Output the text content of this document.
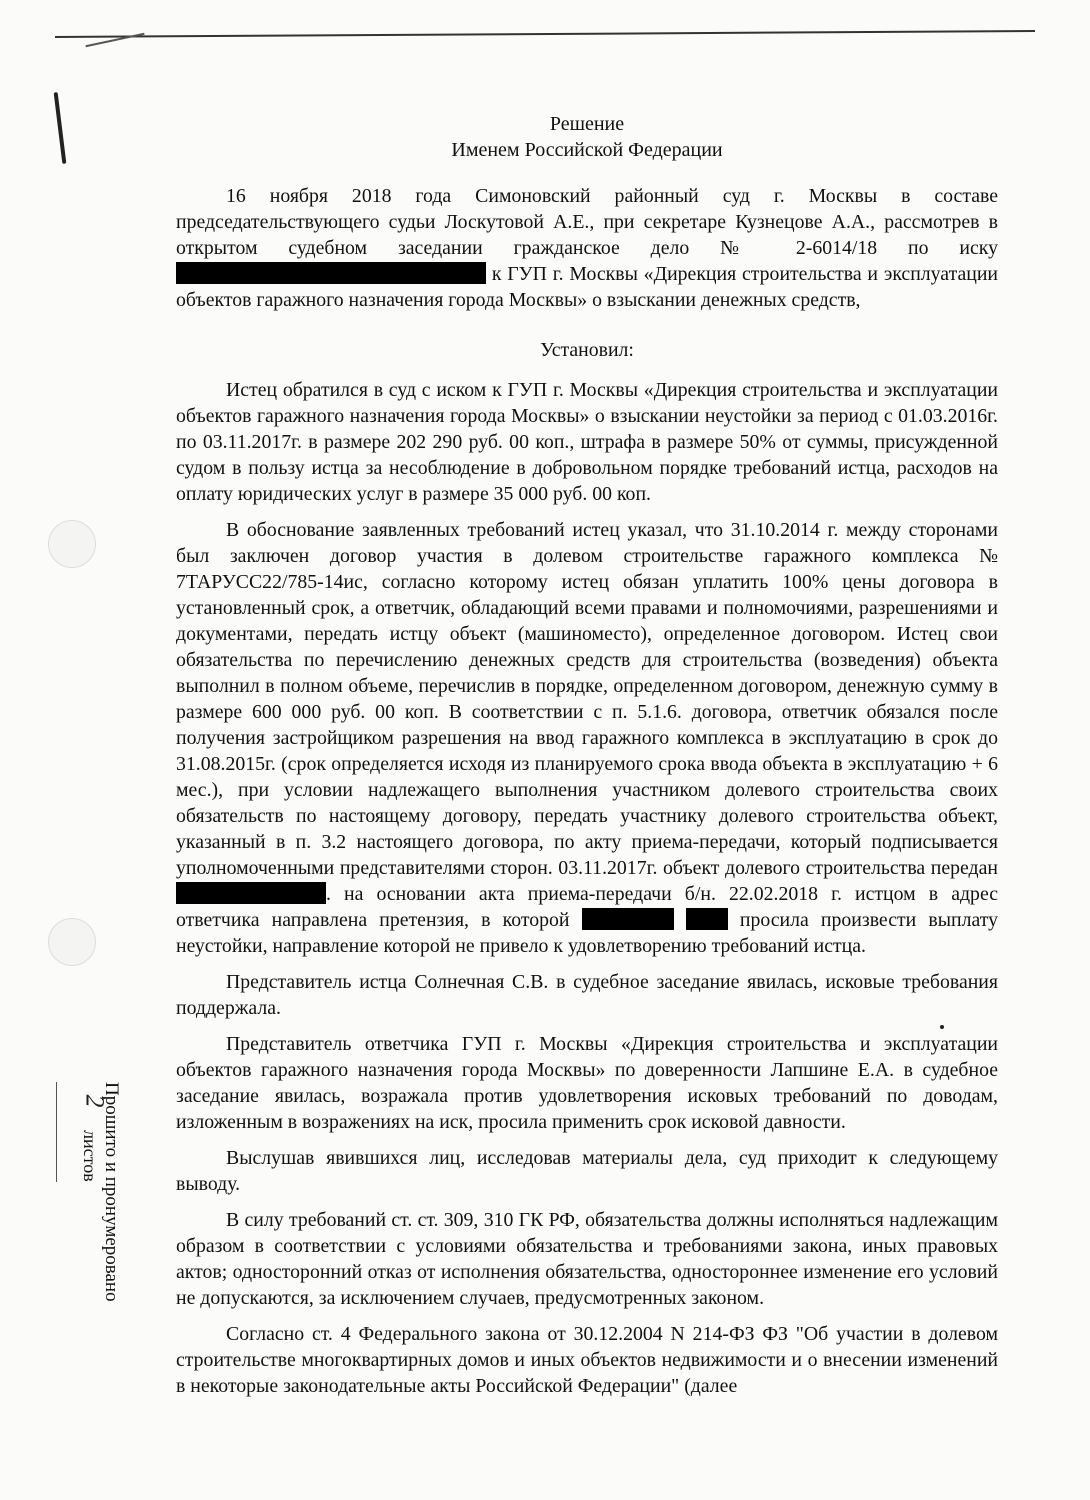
Прошито и пронумеровано
2
листов
Решение
Именем Российской Федерации

16 ноября 2018 года Симоновский районный суд г. Москвы в составе председательствующего судьи Лоскутовой А.Е., при секретаре Кузнецове А.А., рассмотрев в открытом судебном заседании гражданское дело № 2-6014/18 по иску  к ГУП г. Москвы «Дирекция строительства и эксплуатации объектов гаражного назначения города Москвы» о взыскании денежных средств,

Установил:

Истец обратился в суд с иском к ГУП г. Москвы «Дирекция строительства и эксплуатации объектов гаражного назначения города Москвы» о взыскании неустойки за период с 01.03.2016г. по 03.11.2017г. в размере 202 290 руб. 00 коп., штрафа в размере 50% от суммы, присужденной судом в пользу истца за несоблюдение в добровольном порядке требований истца, расходов на оплату юридических услуг в размере 35 000 руб. 00 коп.

В обоснование заявленных требований истец указал, что 31.10.2014 г. между сторонами был заключен договор участия в долевом строительстве гаражного комплекса № 7ТАРУСС22/785-14ис, согласно которому истец обязан уплатить 100% цены договора в установленный срок, а ответчик, обладающий всеми правами и полномочиями, разрешениями и документами, передать истцу объект (машиноместо), определенное договором. Истец свои обязательства по перечислению денежных средств для строительства (возведения) объекта выполнил в полном объеме, перечислив в порядке, определенном договором, денежную сумму в размере 600 000 руб. 00 коп. В соответствии с п. 5.1.6. договора, ответчик обязался после получения застройщиком разрешения на ввод гаражного комплекса в эксплуатацию в срок до 31.08.2015г. (срок определяется исходя из планируемого срока ввода объекта в эксплуатацию + 6 мес.), при условии надлежащего выполнения участником долевого строительства своих обязательств по настоящему договору, передать участнику долевого строительства объект, указанный в п. 3.2 настоящего договора, по акту приема-передачи, который подписывается уполномоченными представителями сторон. 03.11.2017г. объект долевого строительства передан . на основании акта приема-передачи б/н. 22.02.2018 г. истцом в адрес ответчика направлена претензия, в которой	просила произвести выплату неустойки, направление которой не привело к удовлетворению требований истца.

Представитель истца Солнечная С.В. в судебное заседание явилась, исковые требования поддержала.

Представитель ответчика ГУП г. Москвы «Дирекция строительства и эксплуатации объектов гаражного назначения города Москвы» по доверенности Лапшине Е.А. в судебное заседание явилась, возражала против удовлетворения исковых требований по доводам, изложенным в возражениях на иск, просила применить срок исковой давности.

Выслушав явившихся лиц, исследовав материалы дела, суд приходит к следующему выводу.

В силу требований ст. ст. 309, 310 ГК РФ, обязательства должны исполняться надлежащим образом в соответствии с условиями обязательства и требованиями закона, иных правовых актов; односторонний отказ от исполнения обязательства, одностороннее изменение его условий не допускаются, за исключением случаев, предусмотренных законом.

Согласно ст. 4 Федерального закона от 30.12.2004 N 214-ФЗ ФЗ "Об участии в долевом строительстве многоквартирных домов и иных объектов недвижимости и о внесении изменений в некоторые законодательные акты Российской Федерации" (далее
